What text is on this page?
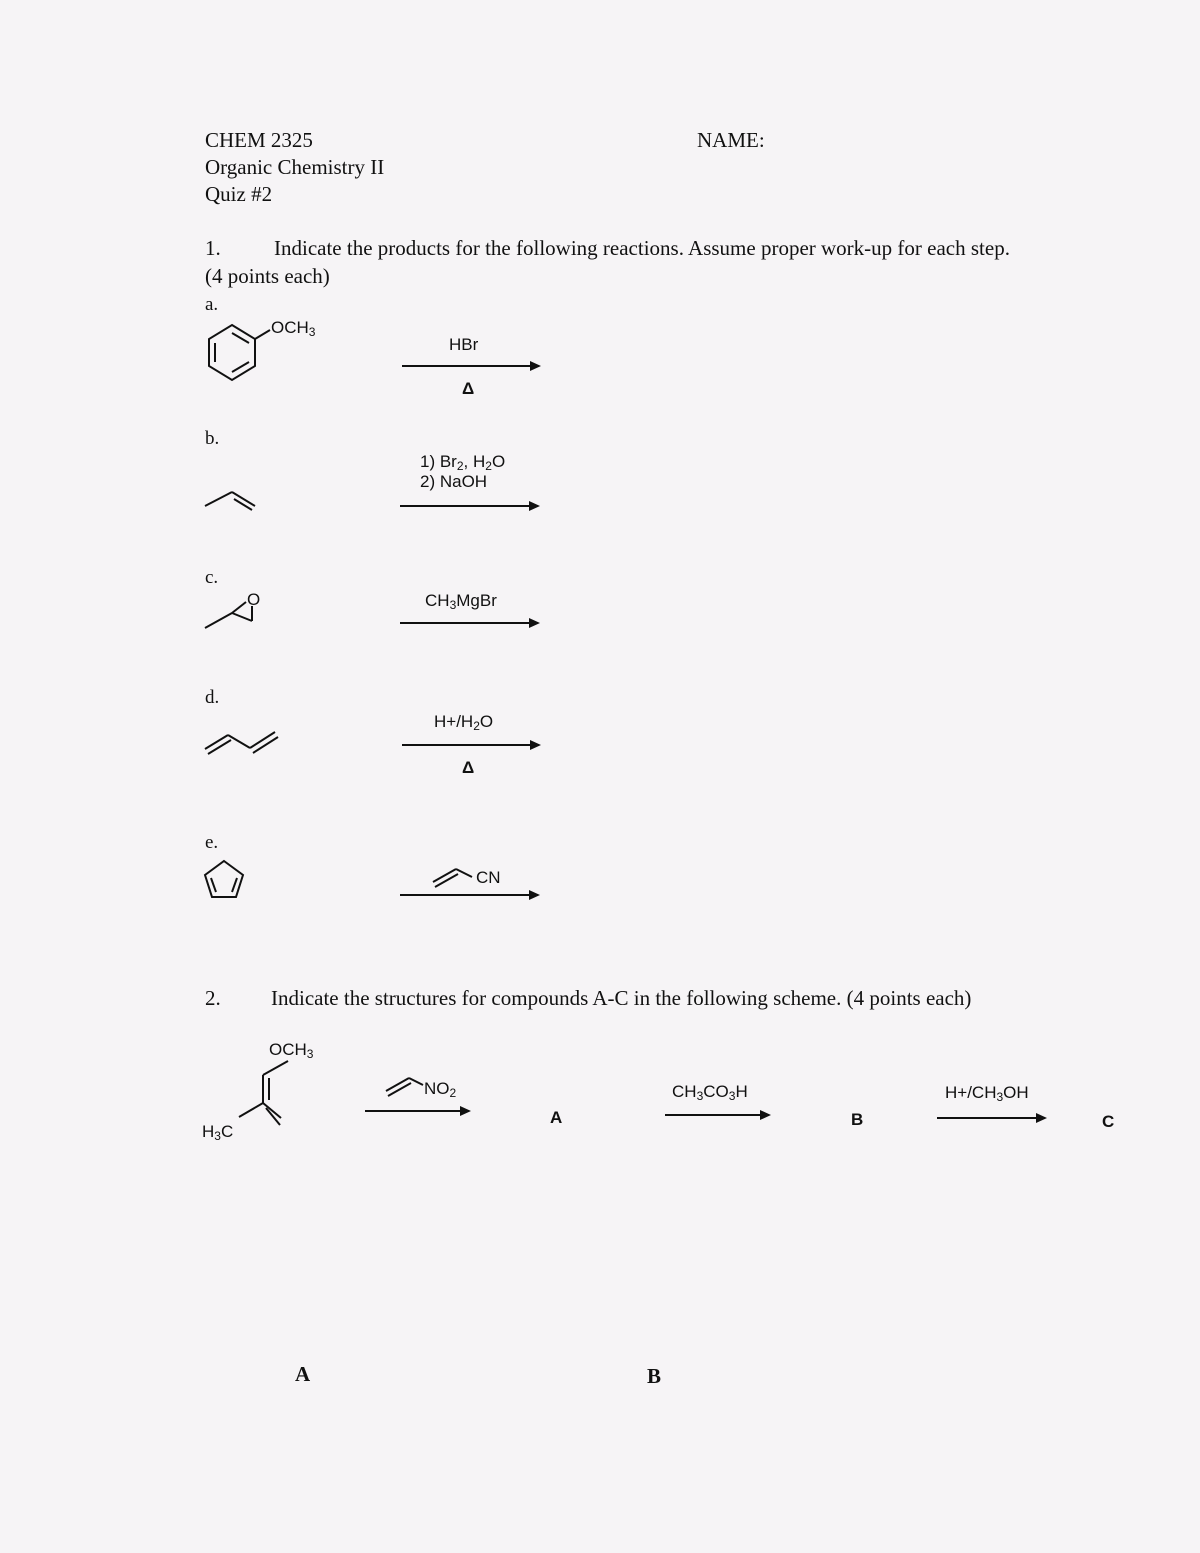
CHEM 2325
Organic Chemistry II
Quiz #2
NAME:
1.	Indicate the products for the following reactions. Assume proper work-up for each step.
(4 points each)
a.
$OCH_3$
HBr
Δ
b.
1) $Br_2$, $H_2O$
2) NaOH
c.
O	$CH_3MgBr$
d.
$H+/H_2O$
Δ
e.
CN
2. Indicate the structures for compounds A-C in the following scheme. (4 points each)
$OCH_3$
$H_3C$
$NO_2$
A
$CH_3CO_3H$
B
$H+/CH_3OH$
C
A	B
